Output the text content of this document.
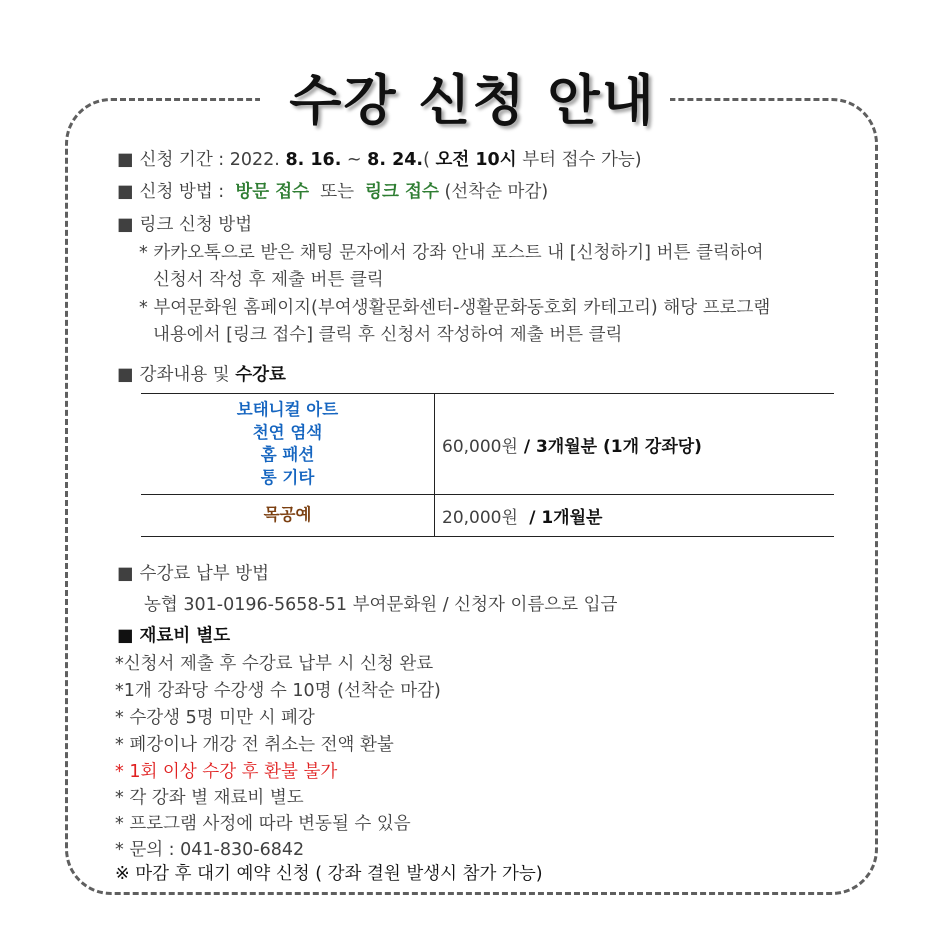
수강 신청 안내
■ 신청 기간 : 2022. 8. 16. ~ 8. 24.( 오전 10시 부터 접수 가능)
■ 신청 방법 : 방문 접수 또는 링크 접수 (선착순 마감)
■ 링크 신청 방법
* 카카오톡으로 받은 채팅 문자에서 강좌 안내 포스트 내 [신청하기] 버튼 클릭하여
신청서 작성 후 제출 버튼 클릭
* 부여문화원 홈페이지(부여생활문화센터-생활문화동호회 카테고리) 해당 프로그램
내용에서 [링크 접수] 클릭 후 신청서 작성하여 제출 버튼 클릭
■ 강좌내용 및 수강료
보태니컬 아트
천연 염색
홈 패션
통 기타	60,000원 / 3개월분 (1개 강좌당)
목공예	20,000원  / 1개월분
■ 수강료 납부 방법
농협 301-0196-5658-51 부여문화원 / 신청자 이름으로 입금
■ 재료비 별도
*신청서 제출 후 수강료 납부 시 신청 완료
*1개 강좌당 수강생 수 10명 (선착순 마감)
* 수강생 5명 미만 시 폐강
* 폐강이나 개강 전 취소는 전액 환불
* 1회 이상 수강 후 환불 불가
* 각 강좌 별 재료비 별도
* 프로그램 사정에 따라 변동될 수 있음
* 문의 : 041-830-6842
※ 마감 후 대기 예약 신청 ( 강좌 결원 발생시 참가 가능)
